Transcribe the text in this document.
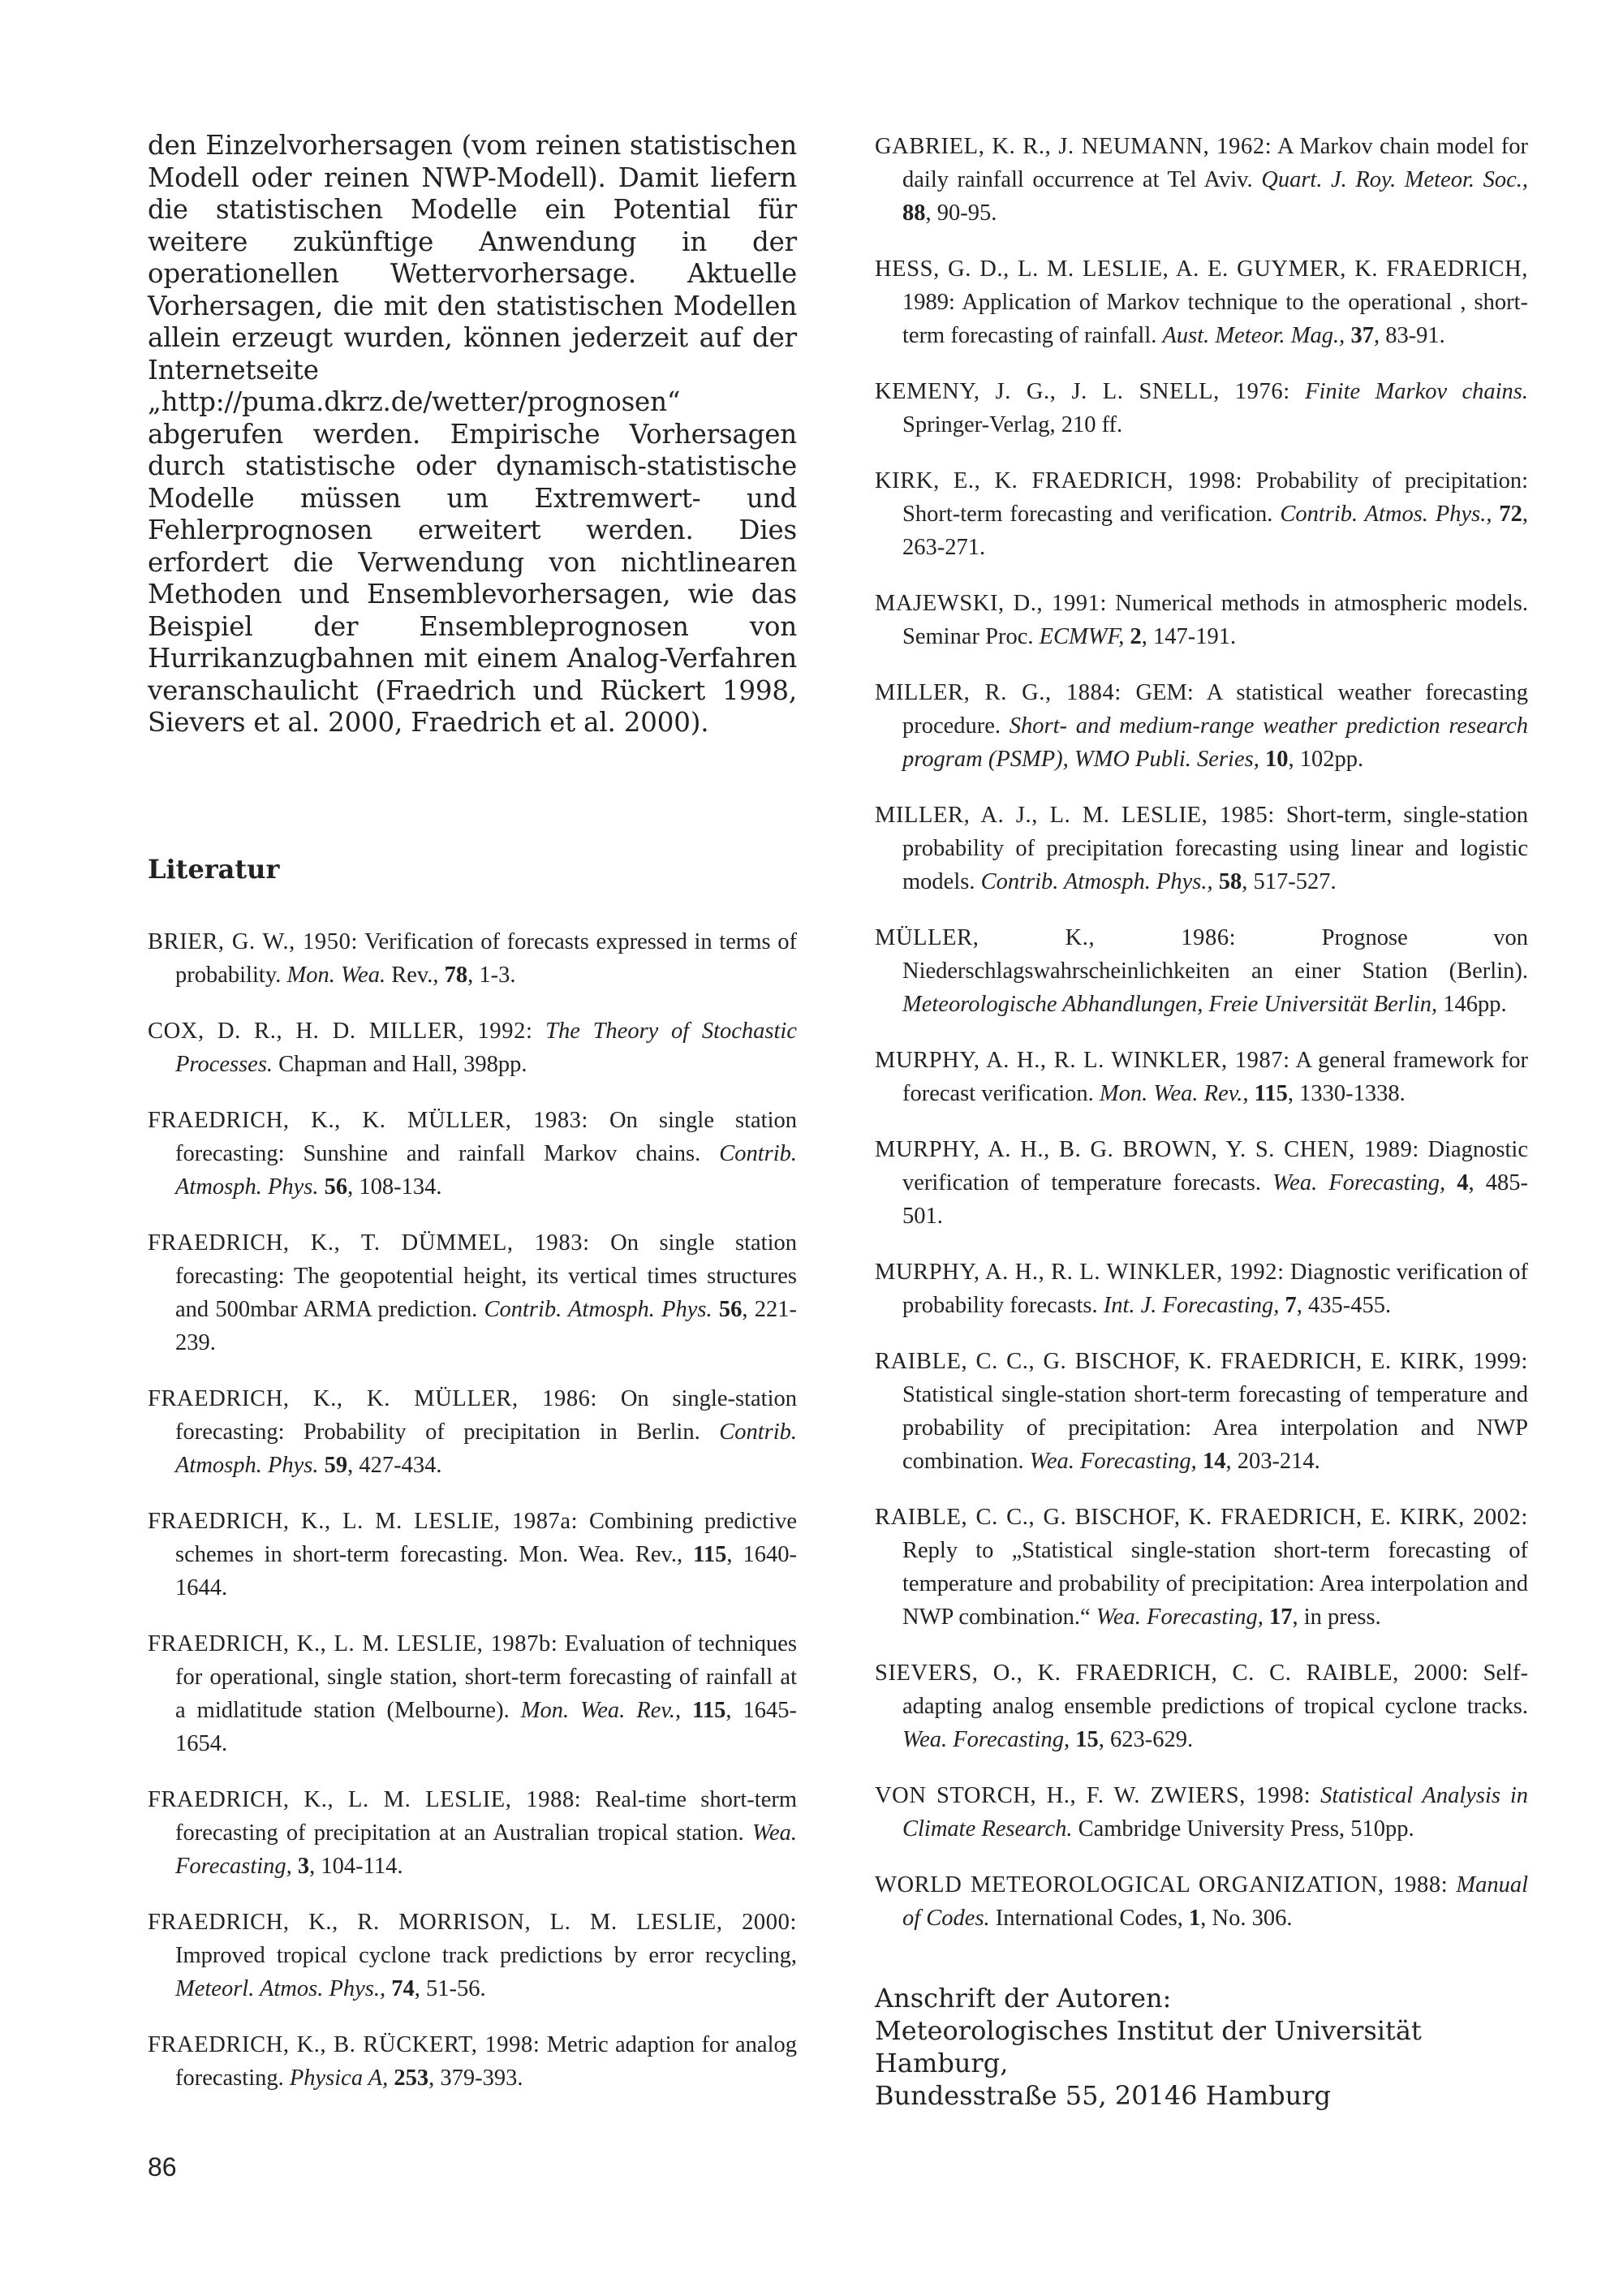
den Einzelvorhersagen (vom reinen statistischen Modell oder reinen NWP-Modell). Damit liefern die statistischen Modelle ein Potential für weitere zukünftige Anwendung in der operationellen Wettervorhersage. Aktuelle Vorhersagen, die mit den statistischen Modellen allein erzeugt wurden, können jederzeit auf der Internetseite „http://puma.dkrz.de/wetter/prognosen“ abgerufen werden. Empirische Vorhersagen durch statistische oder dynamisch-statistische Modelle müssen um Extremwert- und Fehlerprognosen erweitert werden. Dies erfordert die Verwendung von nichtlinearen Methoden und Ensemblevorhersagen, wie das Beispiel der Ensembleprognosen von Hurrikanzugbahnen mit einem Analog-Verfahren veranschaulicht (Fraedrich und Rückert 1998, Sievers et al. 2000, Fraedrich et al. 2000).

Literatur

BRIER, G. W., 1950: Verification of forecasts expressed in terms of probability. Mon. Wea. Rev., 78, 1-3.

COX, D. R., H. D. MILLER, 1992: The Theory of Stochastic Processes. Chapman and Hall, 398pp.

FRAEDRICH, K., K. MÜLLER, 1983: On single station forecasting: Sunshine and rainfall Markov chains. Contrib. Atmosph. Phys. 56, 108-134.

FRAEDRICH, K., T. DÜMMEL, 1983: On single station forecasting: The geopotential height, its vertical times structures and 500mbar ARMA prediction. Contrib. Atmosph. Phys. 56, 221-239.

FRAEDRICH, K., K. MÜLLER, 1986: On single-station forecasting: Probability of precipitation in Berlin. Contrib. Atmosph. Phys. 59, 427-434.

FRAEDRICH, K., L. M. LESLIE, 1987a: Combining predictive schemes in short-term forecasting. Mon. Wea. Rev., 115, 1640-1644.

FRAEDRICH, K., L. M. LESLIE, 1987b: Evaluation of techniques for operational, single station, short-term forecasting of rainfall at a midlatitude station (Melbourne). Mon. Wea. Rev., 115, 1645-1654.

FRAEDRICH, K., L. M. LESLIE, 1988: Real-time short-term forecasting of precipitation at an Australian tropical station. Wea. Forecasting, 3, 104-114.

FRAEDRICH, K., R. MORRISON, L. M. LESLIE, 2000: Improved tropical cyclone track predictions by error recycling, Meteorl. Atmos. Phys., 74, 51-56.

FRAEDRICH, K., B. RÜCKERT, 1998: Metric adaption for analog forecasting. Physica A, 253, 379-393.

GABRIEL, K. R., J. NEUMANN, 1962: A Markov chain model for daily rainfall occurrence at Tel Aviv. Quart. J. Roy. Meteor. Soc., 88, 90-95.

HESS, G. D., L. M. LESLIE, A. E. GUYMER, K. FRAEDRICH, 1989: Application of Markov technique to the operational , short-term forecasting of rainfall. Aust. Meteor. Mag., 37, 83-91.

KEMENY, J. G., J. L. SNELL, 1976: Finite Markov chains. Springer-Verlag, 210 ff.

KIRK, E., K. FRAEDRICH, 1998: Probability of precipitation: Short-term forecasting and verification. Contrib. Atmos. Phys., 72, 263-271.

MAJEWSKI, D., 1991: Numerical methods in atmospheric models. Seminar Proc. ECMWF, 2, 147-191.

MILLER, R. G., 1884: GEM: A statistical weather forecasting procedure. Short- and medium-range weather prediction research program (PSMP), WMO Publi. Series, 10, 102pp.

MILLER, A. J., L. M. LESLIE, 1985: Short-term, single-station probability of precipitation forecasting using linear and logistic models. Contrib. Atmosph. Phys., 58, 517-527.

MÜLLER, K., 1986: Prognose von Niederschlagswahrscheinlichkeiten an einer Station (Berlin). Meteorologische Abhandlungen, Freie Universität Berlin, 146pp.

MURPHY, A. H., R. L. WINKLER, 1987: A general framework for forecast verification. Mon. Wea. Rev., 115, 1330-1338.

MURPHY, A. H., B. G. BROWN, Y. S. CHEN, 1989: Diagnostic verification of temperature forecasts. Wea. Forecasting, 4, 485-501.

MURPHY, A. H., R. L. WINKLER, 1992: Diagnostic verification of probability forecasts. Int. J. Forecasting, 7, 435-455.

RAIBLE, C. C., G. BISCHOF, K. FRAEDRICH, E. KIRK, 1999: Statistical single-station short-term forecasting of temperature and probability of precipitation: Area interpolation and NWP combination. Wea. Forecasting, 14, 203-214.

RAIBLE, C. C., G. BISCHOF, K. FRAEDRICH, E. KIRK, 2002: Reply to „Statistical single-station short-term forecasting of temperature and probability of precipitation: Area interpolation and NWP combination.“ Wea. Forecasting, 17, in press.

SIEVERS, O., K. FRAEDRICH, C. C. RAIBLE, 2000: Self-adapting analog ensemble predictions of tropical cyclone tracks. Wea. Forecasting, 15, 623-629.

VON STORCH, H., F. W. ZWIERS, 1998: Statistical Analysis in Climate Research. Cambridge University Press, 510pp.

WORLD METEOROLOGICAL ORGANIZATION, 1988: Manual of Codes. International Codes, 1, No. 306.

Anschrift der Autoren:
Meteorologisches Institut der Universität Hamburg,
Bundesstraße 55, 20146 Hamburg
86
